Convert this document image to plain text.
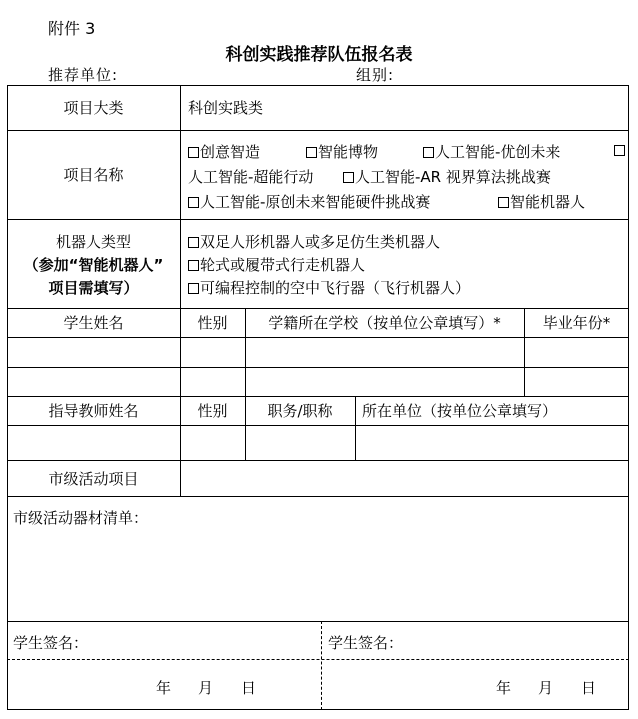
附件 3
科创实践推荐队伍报名表
推荐单位:	组别:
项目大类	科创实践类
项目名称
创意智造	智能博物	人工智能-优创未来
人工智能-超能行动	人工智能-AR 视界算法挑战赛
人工智能-原创未来智能硬件挑战赛	智能机器人
机器人类型
（参加“智能机器人”
项目需填写）
双足人形机器人或多足仿生类机器人
轮式或履带式行走机器人
可编程控制的空中飞行器（飞行机器人）
学生姓名	性别	学籍所在学校（按单位公章填写）*	毕业年份*
指导教师姓名	性别	职务/职称	所在单位（按单位公章填写）
市级活动项目
市级活动器材清单：
学生签名：	学生签名：
年 月 日	年 月 日
